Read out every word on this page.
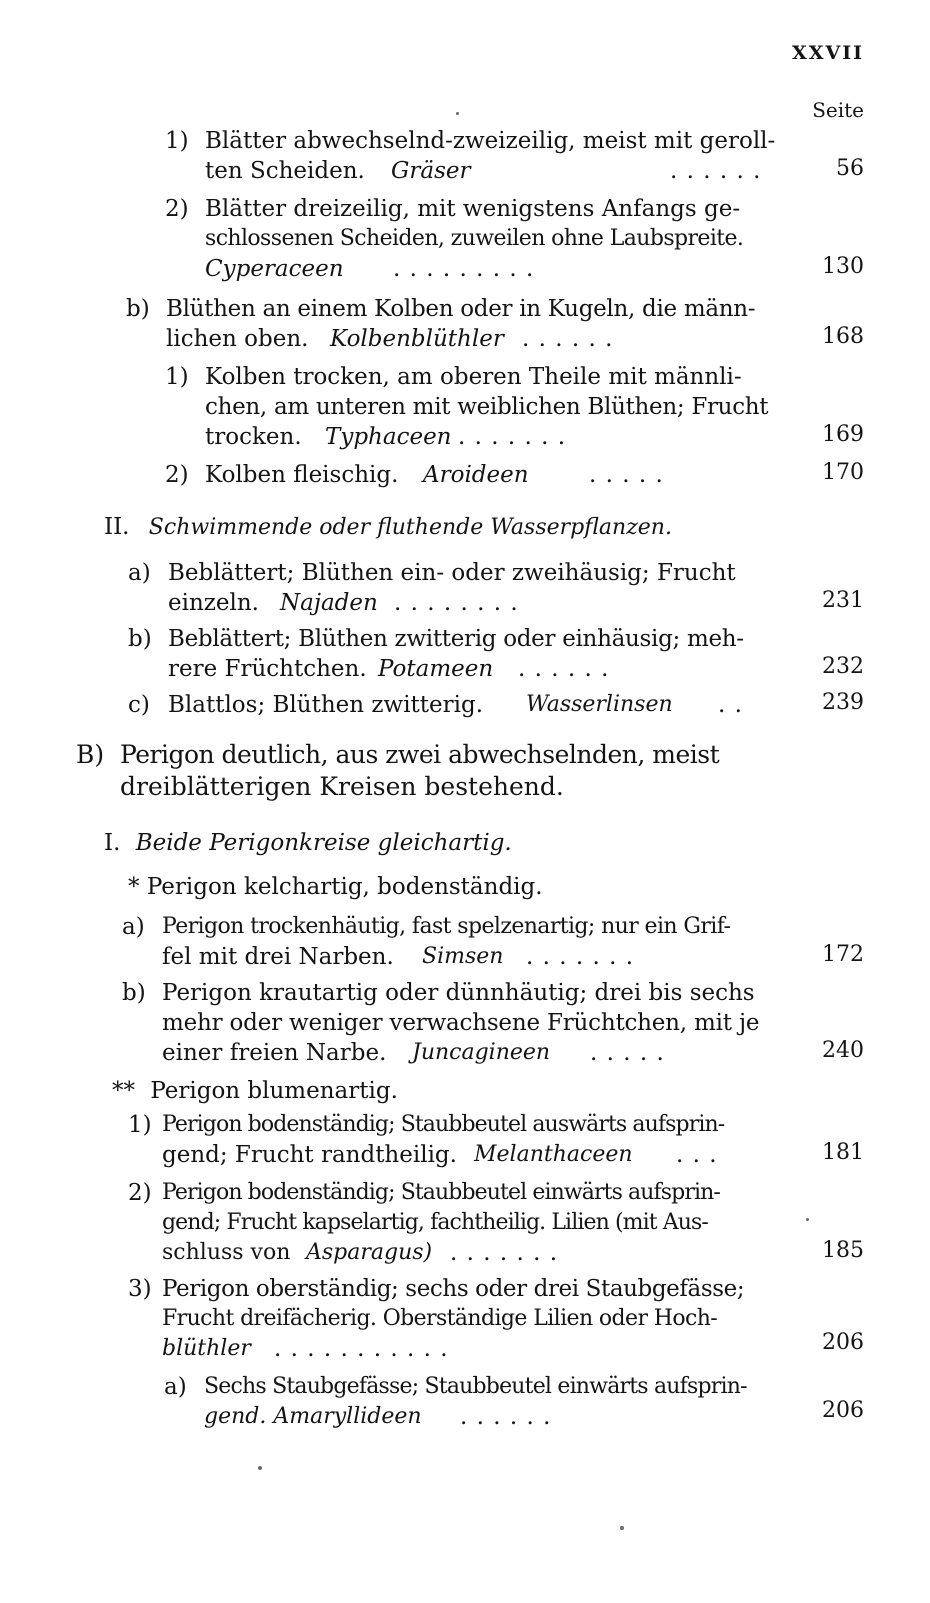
XXVII
Seite
1) Blätter abwechselnd-zweizeilig, meist mit geroll-
ten Scheiden. Gräser	. . . . . .	56
2) Blätter dreizeilig, mit wenigstens Anfangs ge-
schlossenen Scheiden, zuweilen ohne Laubspreite.
Cyperaceen . . . . . . . . .	130
b) Blüthen an einem Kolben oder in Kugeln, die männ-
lichen oben. Kolbenblüthler . . . . . .	168
1) Kolben trocken, am oberen Theile mit männli-
chen, am unteren mit weiblichen Blüthen; Frucht
trocken. Typhaceen . . . . . . .	169
2) Kolben fleischig. Aroideen	. . . . .	170
II. Schwimmende oder fluthende Wasserpflanzen.
a) Beblättert; Blüthen ein- oder zweihäusig; Frucht
einzeln. Najaden . . . . . . . .	231
b) Beblättert; Blüthen zwitterig oder einhäusig; meh-
rere Früchtchen. Potameen . . . . . .	232
c) Blattlos; Blüthen zwitterig. Wasserlinsen . .	239
B) Perigon deutlich, aus zwei abwechselnden, meist
dreiblätterigen Kreisen bestehend.
I. Beide Perigonkreise gleichartig.
* Perigon kelchartig, bodenständig.
a) Perigon trockenhäutig, fast spelzenartig; nur ein Grif-
fel mit drei Narben. Simsen . . . . . . .	172
b) Perigon krautartig oder dünnhäutig; drei bis sechs
mehr oder weniger verwachsene Früchtchen, mit je
einer freien Narbe. Juncagineen . . . . .	240
** Perigon blumenartig.
1) Perigon bodenständig; Staubbeutel auswärts aufsprin-
gend; Frucht randtheilig. Melanthaceen . . .	181
2) Perigon bodenständig; Staubbeutel einwärts aufsprin-
gend; Frucht kapselartig, fachtheilig. Lilien (mit Aus-
schluss von Asparagus) . . . . . . .	185
3) Perigon oberständig; sechs oder drei Staubgefässe;
Frucht dreifächerig. Oberständige Lilien oder Hoch-
blüthler . . . . . . . . . . .	206
a) Sechs Staubgefässe; Staubbeutel einwärts aufsprin-
gend. Amaryllideen . . . . . .	206
